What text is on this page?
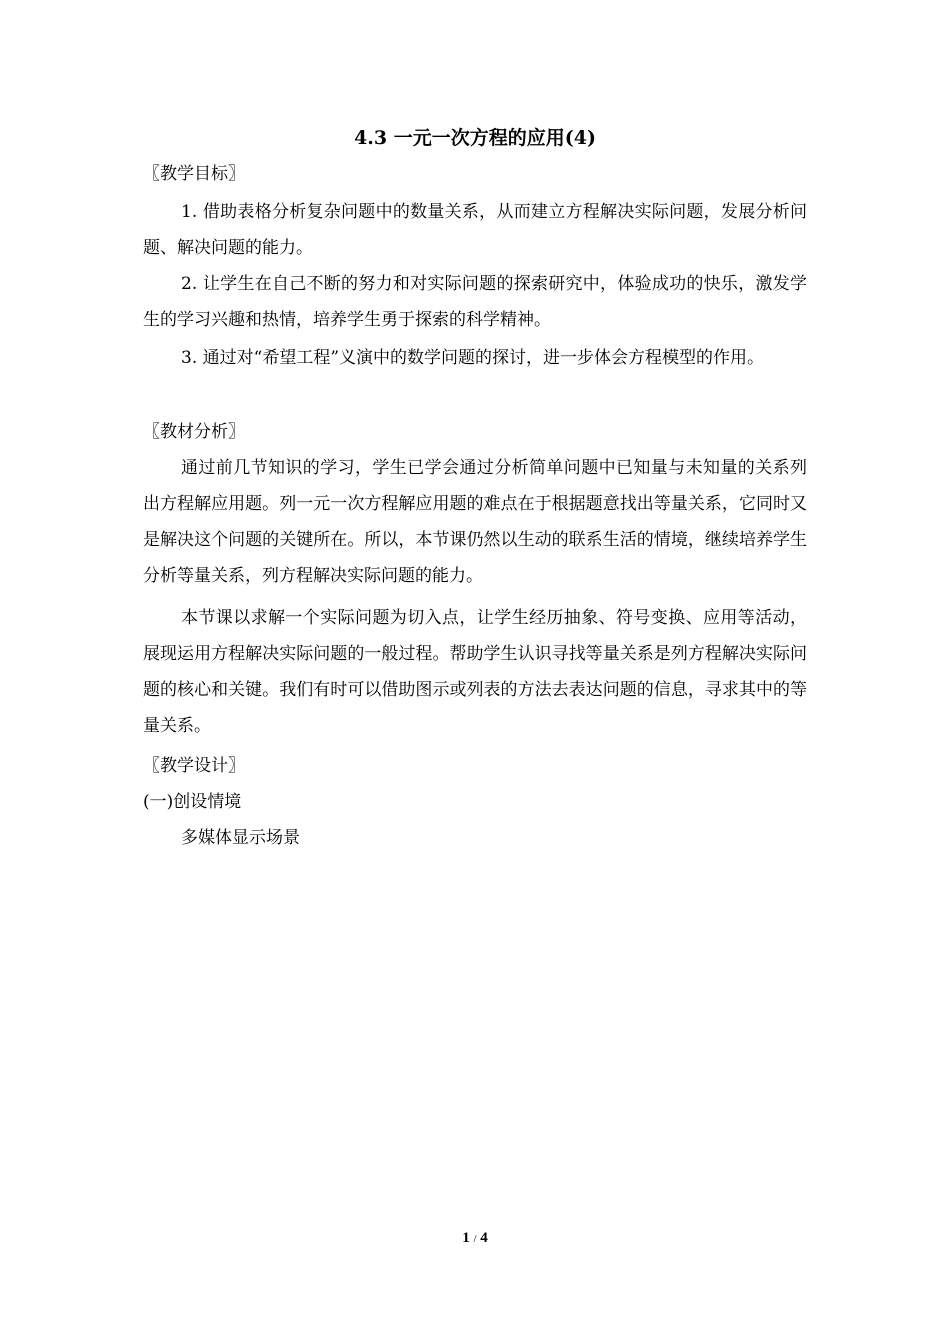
4.3 一元一次方程的应用(4)
〖教学目标〗
1. 借助表格分析复杂问题中的数量关系，从而建立方程解决实际问题，发展分析问题、解决问题的能力。
2. 让学生在自己不断的努力和对实际问题的探索研究中，体验成功的快乐，激发学生的学习兴趣和热情，培养学生勇于探索的科学精神。
3. 通过对“希望工程”义演中的数学问题的探讨，进一步体会方程模型的作用。
〖教材分析〗
通过前几节知识的学习，学生已学会通过分析简单问题中已知量与未知量的关系列出方程解应用题。列一元一次方程解应用题的难点在于根据题意找出等量关系，它同时又是解决这个问题的关键所在。所以，本节课仍然以生动的联系生活的情境，继续培养学生分析等量关系，列方程解决实际问题的能力。
本节课以求解一个实际问题为切入点，让学生经历抽象、符号变换、应用等活动，展现运用方程解决实际问题的一般过程。帮助学生认识寻找等量关系是列方程解决实际问题的核心和关键。我们有时可以借助图示或列表的方法去表达问题的信息，寻求其中的等量关系。
〖教学设计〗
(一)创设情境
多媒体显示场景
1 / 4
